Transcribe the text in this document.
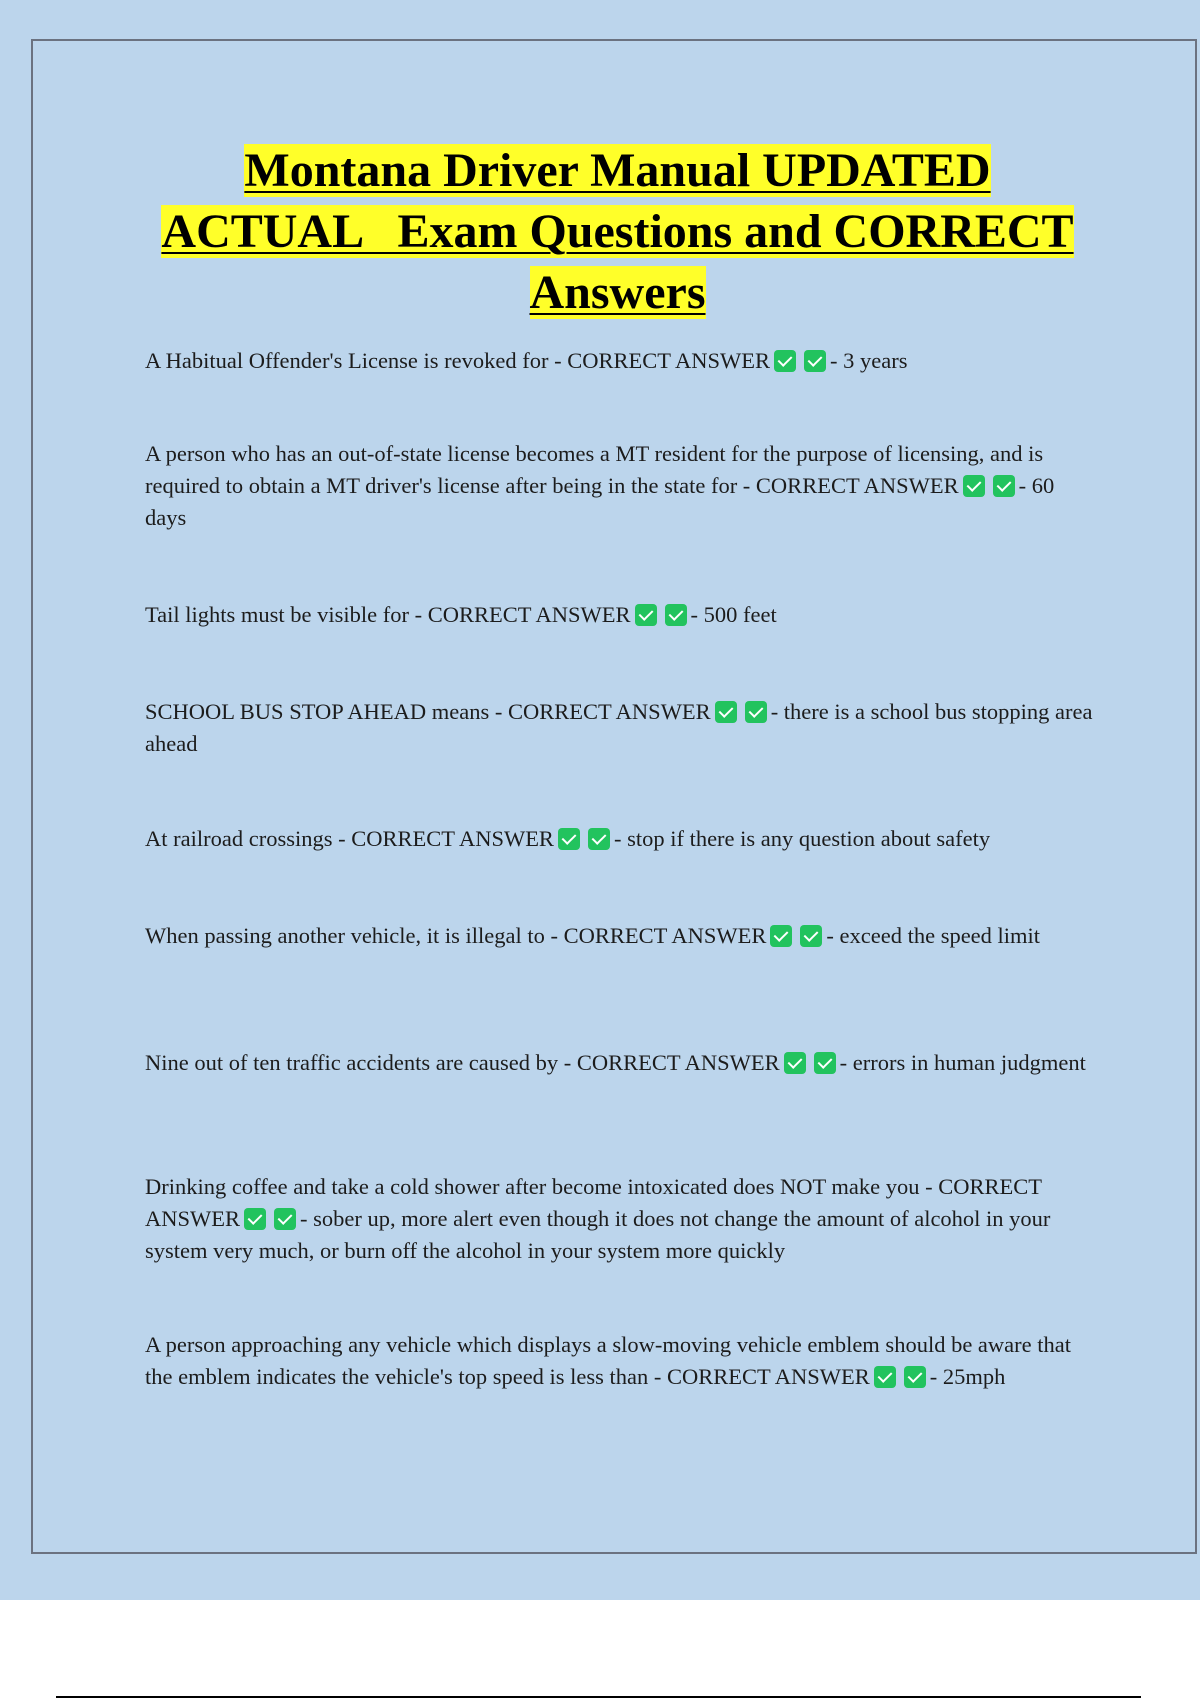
Montana Driver Manual UPDATED
ACTUAL   Exam Questions and CORRECT
Answers
A Habitual Offender's License is revoked for - CORRECT ANSWER	- 3 years
A person who has an out-of-state license becomes a MT resident for the purpose of licensing, and is required to obtain a MT driver's license after being in the state for - CORRECT ANSWER	- 60 days
Tail lights must be visible for - CORRECT ANSWER	- 500 feet
SCHOOL BUS STOP AHEAD means - CORRECT ANSWER	- there is a school bus stopping area ahead
At railroad crossings - CORRECT ANSWER	- stop if there is any question about safety
When passing another vehicle, it is illegal to - CORRECT ANSWER	- exceed the speed limit
Nine out of ten traffic accidents are caused by - CORRECT ANSWER	- errors in human judgment
Drinking coffee and take a cold shower after become intoxicated does NOT make you - CORRECT ANSWER	- sober up, more alert even though it does not change the amount of alcohol in your system very much, or burn off the alcohol in your system more quickly
A person approaching any vehicle which displays a slow-moving vehicle emblem should be aware that the emblem indicates the vehicle's top speed is less than - CORRECT ANSWER	- 25mph
